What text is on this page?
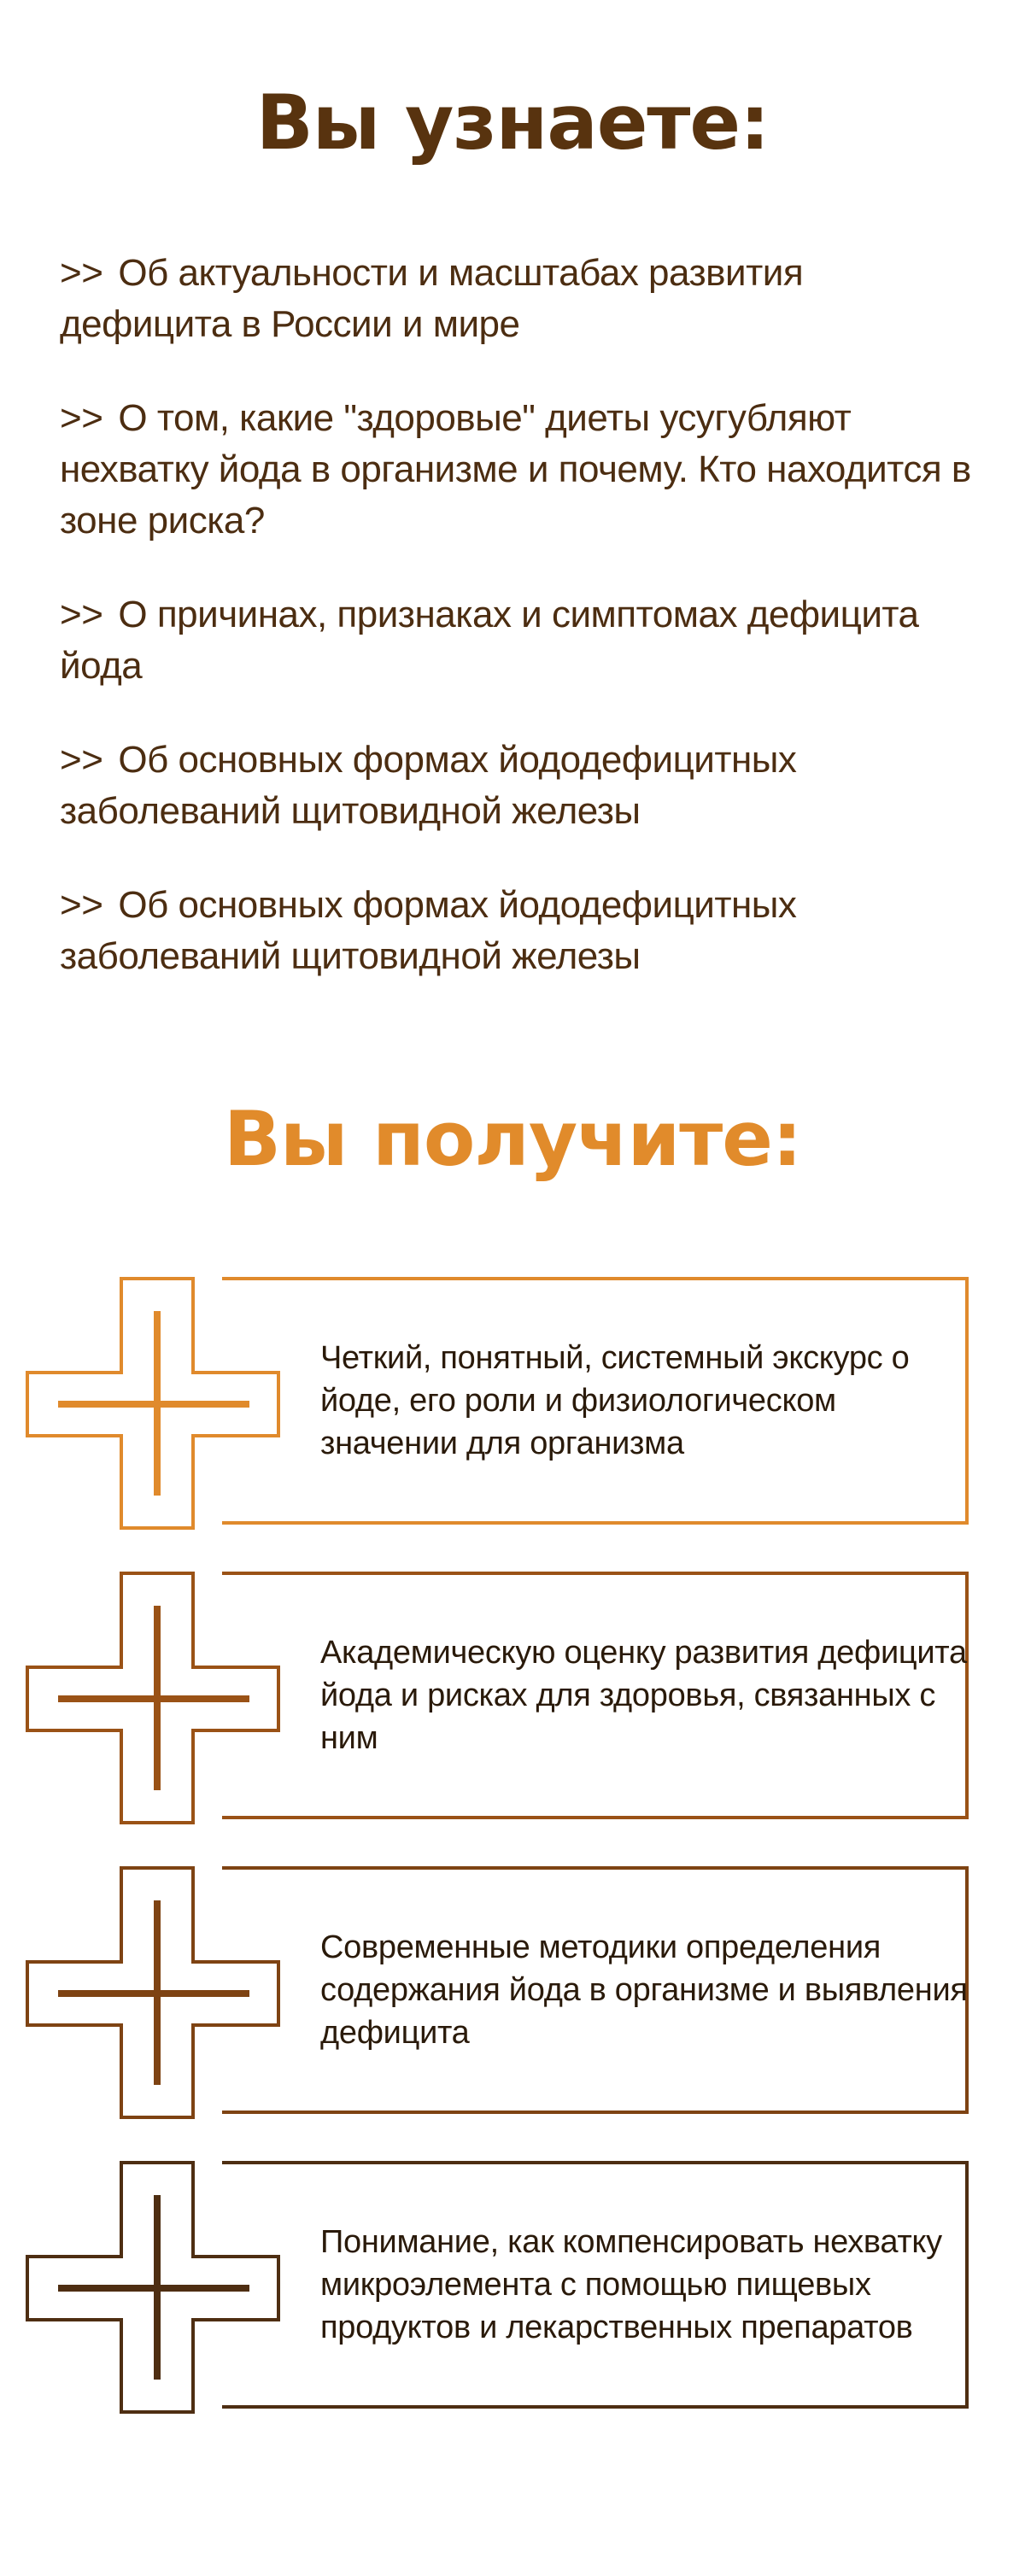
Вы узнаете:
>> Об актуальности и масштабах развития дефицита в России и мире
>> О том, какие "здоровые" диеты усугубляют нехватку йода в организме и почему. Кто находится в зоне риска?
>> О причинах, признаках и симптомах дефицита йода
>> Об основных формах йододефицитных заболеваний щитовидной железы
>> Об основных формах йододефицитных заболеваний щитовидной железы
Вы получите:
Четкий, понятный, системный экскурс о йоде, его роли и физиологическом значении для организма
Академическую оценку развития дефицита йода и рисках для здоровья, связанных с ним
Современные методики определения содержания йода в организме и выявления дефицита
Понимание, как компенсировать нехватку микроэлемента с помощью пищевых продуктов и лекарственных препаратов
